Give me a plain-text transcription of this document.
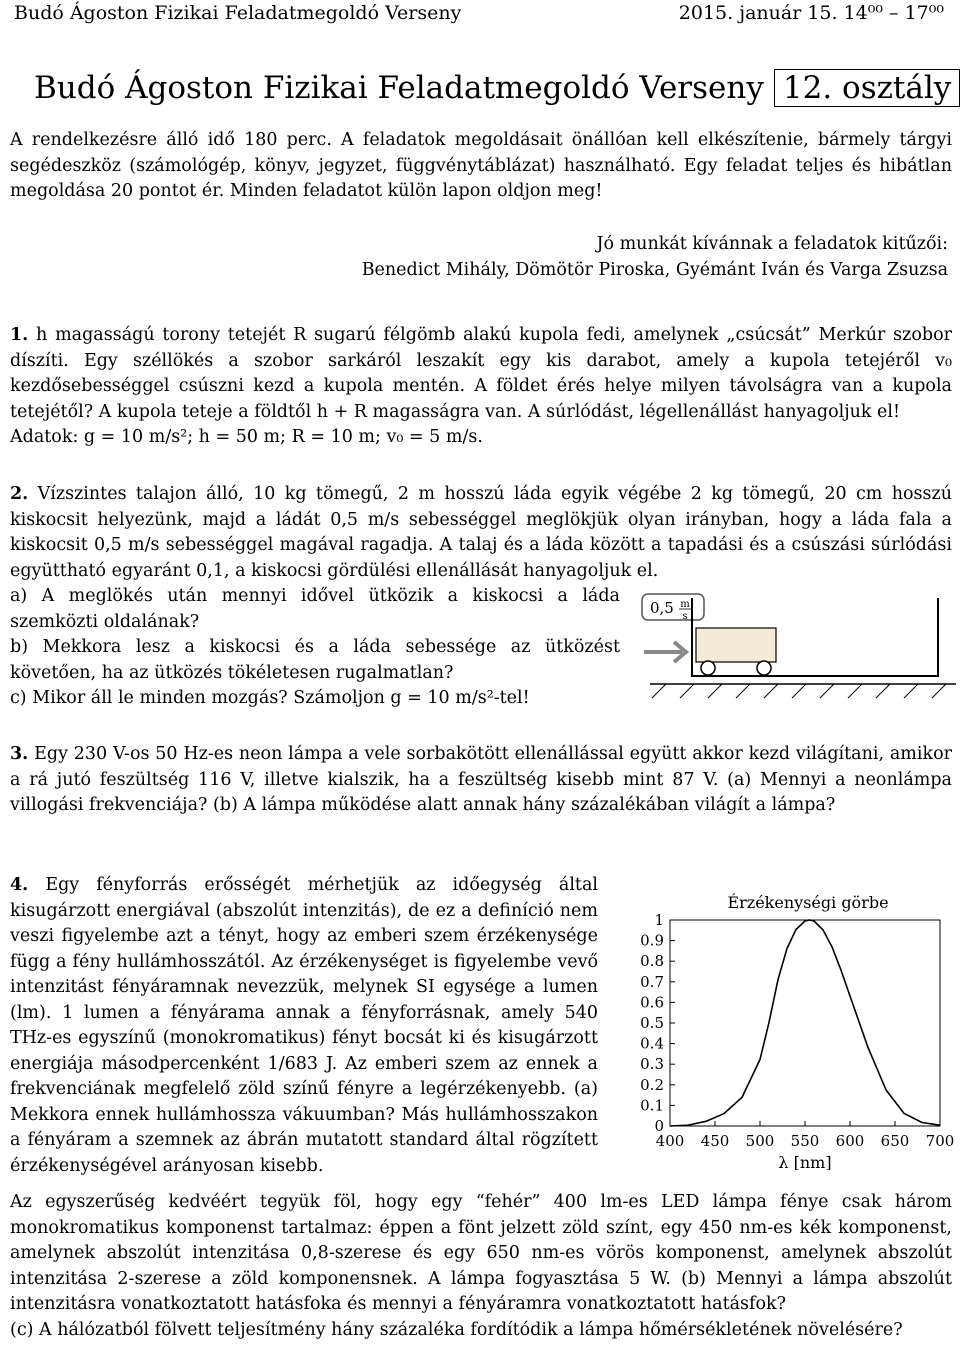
Budó Ágoston Fizikai Feladatmegoldó Verseny	2015. január 15. 14⁰⁰ – 17⁰⁰
Budó Ágoston Fizikai Feladatmegoldó Verseny 12. osztály
A rendelkezésre álló idő 180 perc. A feladatok megoldásait önállóan kell elkészítenie, bármely tárgyi segédeszköz (számológép, könyv, jegyzet, függvénytáblázat) használható. Egy feladat teljes és hibátlan megoldása 20 pontot ér. Minden feladatot külön lapon oldjon meg!
Jó munkát kívánnak a feladatok kitűzői:
Benedict Mihály, Dömötör Piroska, Gyémánt Iván és Varga Zsuzsa
1. h magasságú torony tetejét R sugarú félgömb alakú kupola fedi, amelynek „csúcsát” Merkúr szobor díszíti. Egy széllökés a szobor sarkáról leszakít egy kis darabot, amely a kupola tetejéről v₀ kezdősebességgel csúszni kezd a kupola mentén. A földet érés helye milyen távolságra van a kupola tetejétől? A kupola teteje a földtől h + R magasságra van. A súrlódást, légellenállást hanyagoljuk el!
Adatok: g = 10 m/s²; h = 50 m; R = 10 m; v₀ = 5 m/s.
2. Vízszintes talajon álló, 10 kg tömegű, 2 m hosszú láda egyik végébe 2 kg tömegű, 20 cm hosszú kiskocsit helyezünk, majd a ládát 0,5 m/s sebességgel meglökjük olyan irányban, hogy a láda fala a kiskocsit 0,5 m/s sebességgel magával ragadja. A talaj és a láda között a tapadási és a csúszási súrlódási együttható egyaránt 0,1, a kiskocsi gördülési ellenállását hanyagoljuk el.
a) A meglökés után mennyi idővel ütközik a kiskocsi a láda szemközti oldalának?
b) Mekkora lesz a kiskocsi és a láda sebessége az ütközést követően, ha az ütközés tökéletesen rugalmatlan?
c) Mikor áll le minden mozgás? Számoljon g = 10 m/s²-tel!
0,5 m
s
3. Egy 230 V-os 50 Hz-es neon lámpa a vele sorbakötött ellenállással együtt akkor kezd világítani, amikor a rá jutó feszültség 116 V, illetve kialszik, ha a feszültség kisebb mint 87 V. (a) Mennyi a neonlámpa villogási frekvenciája? (b) A lámpa működése alatt annak hány százalékában világít a lámpa?
4. Egy fényforrás erősségét mérhetjük az időegység által kisugárzott energiával (abszolút intenzitás), de ez a definíció nem veszi figyelembe azt a tényt, hogy az emberi szem érzékenysége függ a fény hullámhosszától. Az érzékenységet is figyelembe vevő intenzitást fényáramnak nevezzük, melynek SI egysége a lumen (lm). 1 lumen a fényárama annak a fényforrásnak, amely 540 THz-es egyszínű (monokromatikus) fényt bocsát ki és kisugárzott energiája másodpercenként 1/683 J. Az emberi szem az ennek a frekvenciának megfelelő zöld színű fényre a legérzékenyebb. (a) Mekkora ennek hullámhossza vákuumban? Más hullámhosszakon a fényáram a szemnek az ábrán mutatott standard által rögzített érzékenységével arányosan kisebb.
Az egyszerűség kedvéért tegyük föl, hogy egy “fehér” 400 lm-es LED lámpa fénye csak három monokromatikus komponenst tartalmaz: éppen a fönt jelzett zöld színt, egy 450 nm-es kék komponenst, amelynek abszolút intenzitása 0,8-szerese és egy 650 nm-es vörös komponenst, amelynek abszolút intenzitása 2-szerese a zöld komponensnek. A lámpa fogyasztása 5 W. (b) Mennyi a lámpa abszolút intenzitásra vonatkoztatott hatásfoka és mennyi a fényáramra vonatkoztatott hatásfok?
(c) A hálózatból fölvett teljesítmény hány százaléka fordítódik a lámpa hőmérsékletének növelésére?
Érzékenységi görbe
400 450 500 550 600 650 700
0
0.1
0.2
0.3
0.4
0.5
0.6
0.7
0.8
0.9
1
λ [nm]
